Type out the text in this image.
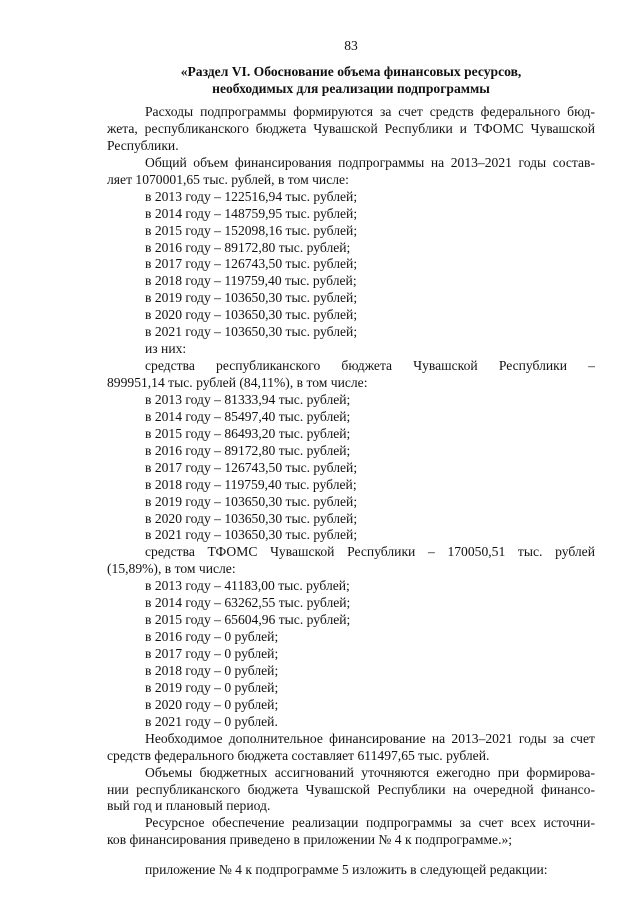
83
«Раздел VI. Обоснование объема финансовых ресурсов,
необходимых для реализации подпрограммы
Расходы подпрограммы формируются за счет средств федерального бюд-
жета, республиканского бюджета Чувашской Республики и ТФОМС Чувашской
Республики.
Общий объем финансирования подпрограммы на 2013–2021 годы состав-
ляет 1070001,65 тыс. рублей, в том числе:
в 2013 году – 122516,94 тыс. рублей;
в 2014 году – 148759,95 тыс. рублей;
в 2015 году – 152098,16 тыс. рублей;
в 2016 году – 89172,80 тыс. рублей;
в 2017 году – 126743,50 тыс. рублей;
в 2018 году – 119759,40 тыс. рублей;
в 2019 году – 103650,30 тыс. рублей;
в 2020 году – 103650,30 тыс. рублей;
в 2021 году – 103650,30 тыс. рублей;
из них:
средства республиканского бюджета Чувашской Республики –
899951,14 тыс. рублей (84,11%), в том числе:
в 2013 году – 81333,94 тыс. рублей;
в 2014 году – 85497,40 тыс. рублей;
в 2015 году – 86493,20 тыс. рублей;
в 2016 году – 89172,80 тыс. рублей;
в 2017 году – 126743,50 тыс. рублей;
в 2018 году – 119759,40 тыс. рублей;
в 2019 году – 103650,30 тыс. рублей;
в 2020 году – 103650,30 тыс. рублей;
в 2021 году – 103650,30 тыс. рублей;
средства ТФОМС Чувашской Республики – 170050,51 тыс. рублей
(15,89%), в том числе:
в 2013 году – 41183,00 тыс. рублей;
в 2014 году – 63262,55 тыс. рублей;
в 2015 году – 65604,96 тыс. рублей;
в 2016 году – 0 рублей;
в 2017 году – 0 рублей;
в 2018 году – 0 рублей;
в 2019 году – 0 рублей;
в 2020 году – 0 рублей;
в 2021 году – 0 рублей.
Необходимое дополнительное финансирование на 2013–2021 годы за счет
средств федерального бюджета составляет 611497,65 тыс. рублей.
Объемы бюджетных ассигнований уточняются ежегодно при формирова-
нии республиканского бюджета Чувашской Республики на очередной финансо-
вый год и плановый период.
Ресурсное обеспечение реализации подпрограммы за счет всех источни-
ков финансирования приведено в приложении № 4 к подпрограмме.»;
приложение № 4 к подпрограмме 5 изложить в следующей редакции:
